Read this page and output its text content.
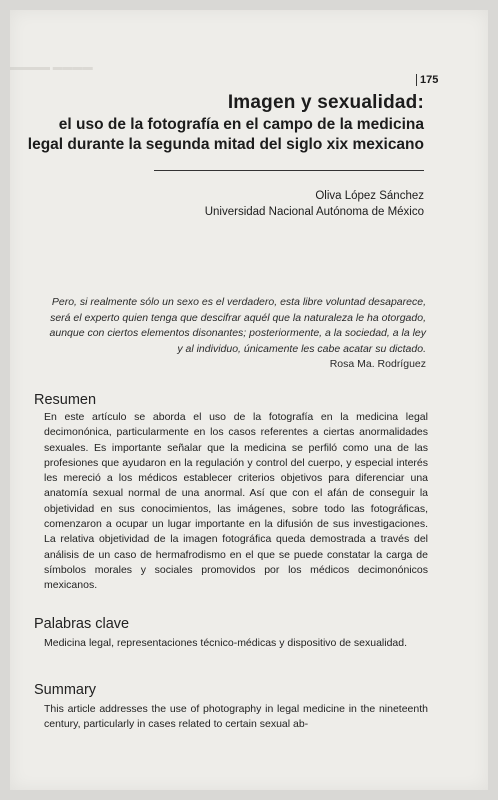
▬▬▬▬ ▬▬▬▬
175
Imagen y sexualidad:
el uso de la fotografía en el campo de la medicina legal durante la segunda mitad del siglo xix mexicano
Oliva López Sánchez
Universidad Nacional Autónoma de México
Pero, si realmente sólo un sexo es el verdadero, esta libre voluntad desaparece, será el experto quien tenga que descifrar aquél que la naturaleza le ha otorgado, aunque con ciertos elementos disonantes; posteriormente, a la sociedad, a la ley y al individuo, únicamente les cabe acatar su dictado.
Rosa Ma. Rodríguez
Resumen
En este artículo se aborda el uso de la fotografía en la medicina legal decimonónica, particularmente en los casos referentes a ciertas anormalidades sexuales. Es importante señalar que la medicina se perfiló como una de las profesiones que ayudaron en la regulación y control del cuerpo, y especial interés les mereció a los médicos establecer criterios objetivos para diferenciar una anatomía sexual normal de una anormal. Así que con el afán de conseguir la objetividad en sus conocimientos, las imágenes, sobre todo las fotográficas, comenzaron a ocupar un lugar importante en la difusión de sus investigaciones. La relativa objetividad de la imagen fotográfica queda demostrada a través del análisis de un caso de hermafrodismo en el que se puede constatar la carga de símbolos morales y sociales promovidos por los médicos decimonónicos mexicanos.
Palabras clave
Medicina legal, representaciones técnico-médicas y dispositivo de sexualidad.
Summary
This article addresses the use of photography in legal medicine in the nineteenth century, particularly in cases related to certain sexual ab-
